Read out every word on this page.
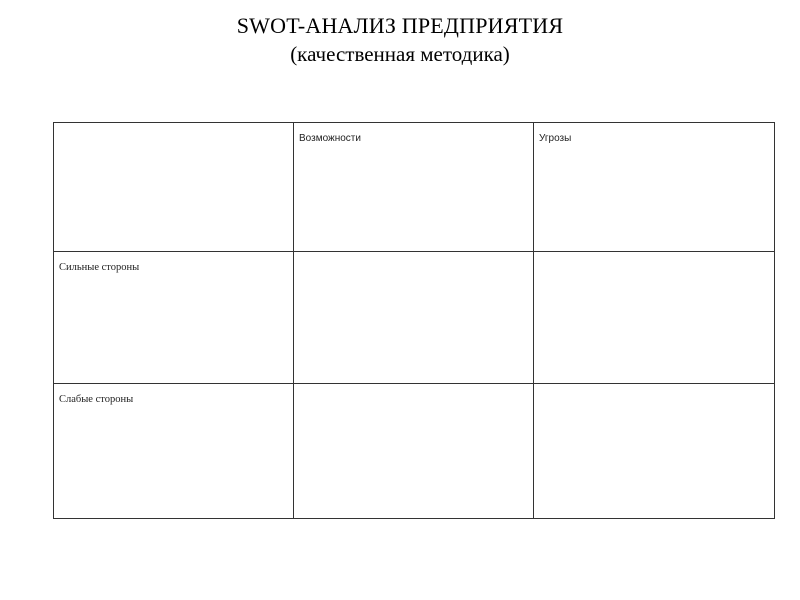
SWOT-АНАЛИЗ ПРЕДПРИЯТИЯ
(качественная методика)
	Возможности	Угрозы
Сильные стороны		
Слабые стороны		
